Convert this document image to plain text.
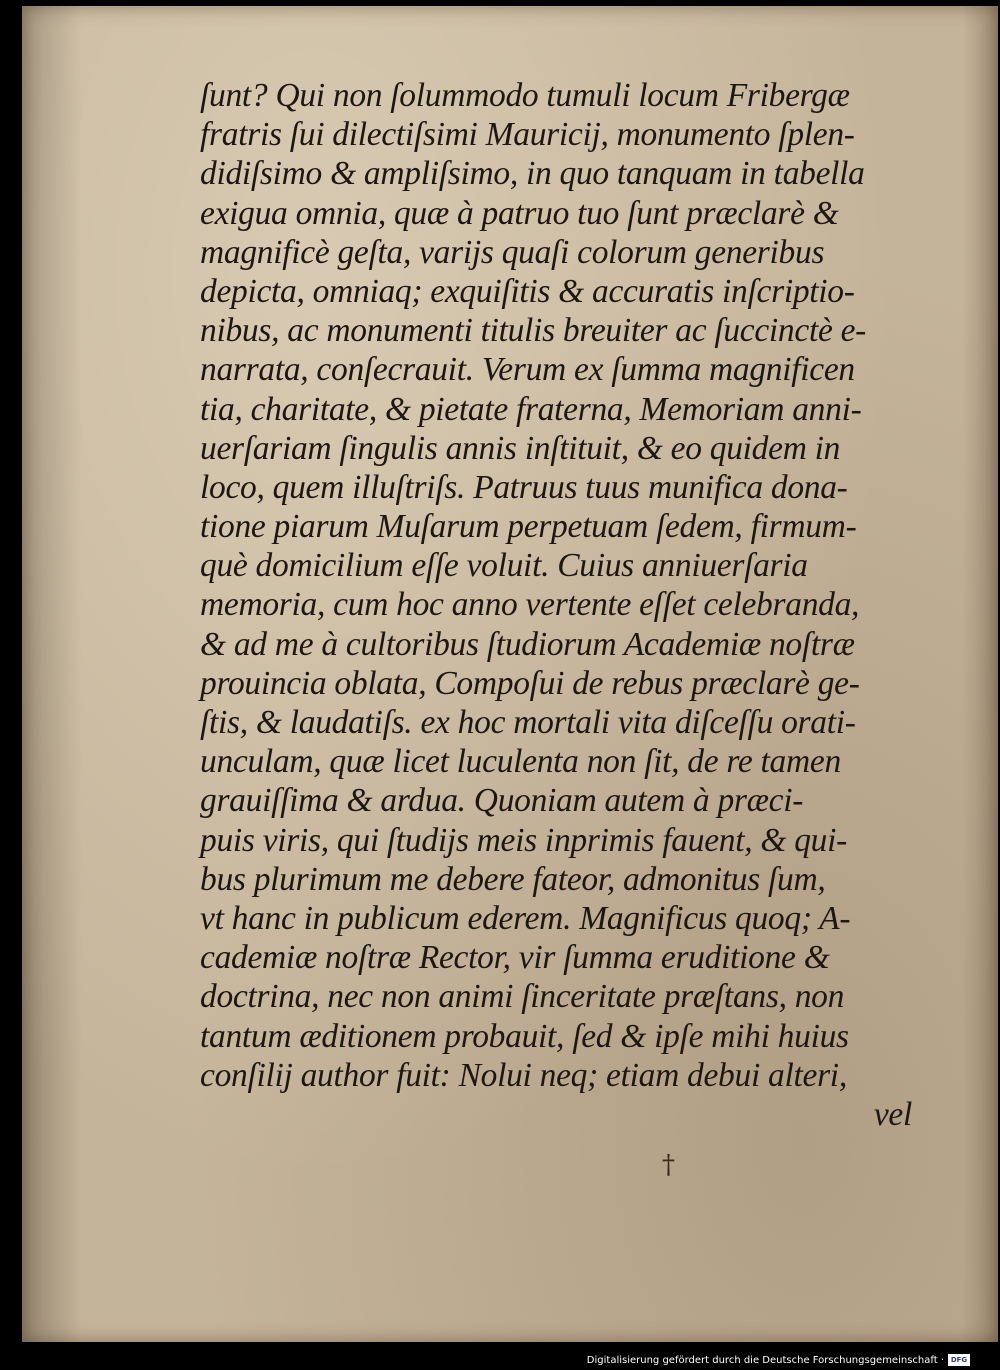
ſunt? Qui non ſolummodo tumuli locum Fribergæ
fratris ſui dilectiſsimi Mauricij, monumento ſplen-
didiſsimo & ampliſsimo, in quo tanquam in tabella
exigua omnia, quæ à patruo tuo ſunt præclarè &
magnificè geſta, varijs quaſi colorum generibus
depicta, omniaq; exquiſitis & accuratis inſcriptio-
nibus, ac monumenti titulis breuiter ac ſuccinctè e-
narrata, conſecrauit. Verum ex ſumma magnificen
tia, charitate, & pietate fraterna, Memoriam anni-
uerſariam ſingulis annis inſtituit, & eo quidem in
loco, quem illuſtriſs. Patruus tuus munifica dona-
tione piarum Muſarum perpetuam ſedem, firmum-
què domicilium eſſe voluit. Cuius anniuerſaria
memoria, cum hoc anno vertente eſſet celebranda,
& ad me à cultoribus ſtudiorum Academiæ noſtræ
prouincia oblata, Compoſui de rebus præclarè ge-
ſtis, & laudatiſs. ex hoc mortali vita diſceſſu orati-
unculam, quæ licet luculenta non ſit, de re tamen
grauiſſima & ardua. Quoniam autem à præci-
puis viris, qui ſtudijs meis inprimis fauent, & qui-
bus plurimum me debere fateor, admonitus ſum,
vt hanc in publicum ederem. Magnificus quoq; A-
cademiæ noſtræ Rector, vir ſumma eruditione &
doctrina, nec non animi ſinceritate præſtans, non
tantum æditionem probauit, ſed & ipſe mihi huius
conſilij author fuit: Nolui neq; etiam debui alteri,
vel
†
Digitalisierung gefördert durch die Deutsche Forschungsgemeinschaft · DFG
